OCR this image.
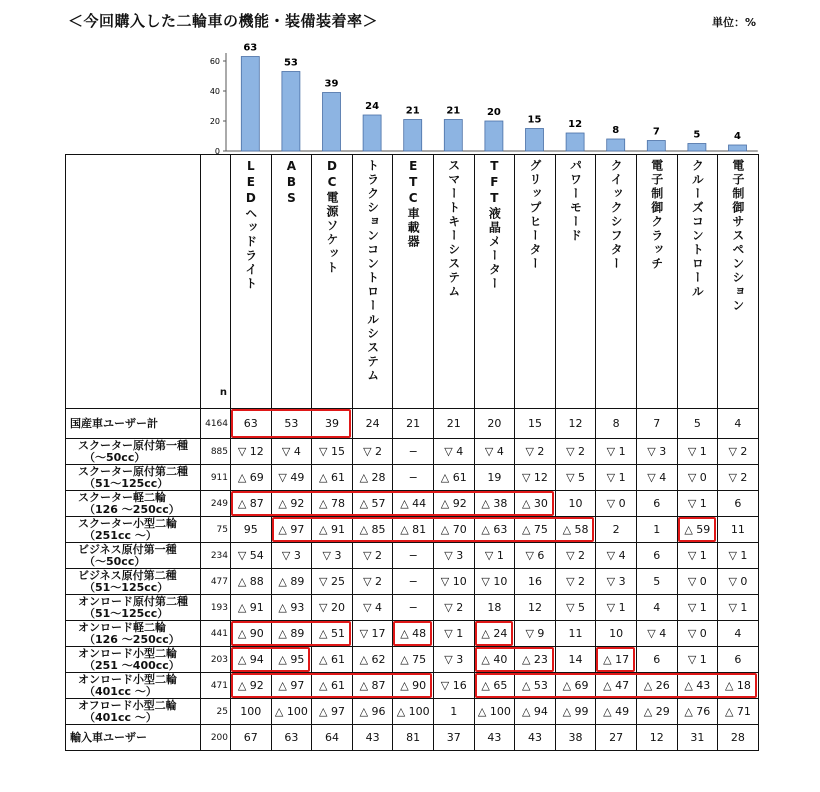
＜今回購入した二輪車の機能・装備装着率＞	単位：%
0
20
40
60
63
53
39
24	21	21	20
15	12
8	7	5	4

	n	LEDヘッドライト	ABS	DC電源ソケット	トラクションコントロールシステム	ETC車載器	スマートキーシステム	TFT液晶メーター	グリップヒーター	パワーモード	クイックシフター	電子制御クラッチ	クルーズコントロール	電子制御サスペンション

国産車ユーザー計	4164	63	53	39	24	21	21	20	15	12	8	7	5	4
スクーター原付第一種
（〜50cc）	885	▽ 12	▽ 4	▽ 15	▽ 2	−	▽ 4	▽ 4	▽ 2	▽ 2	▽ 1	▽ 3	▽ 1	▽ 2
スクーター原付第二種
（51〜125cc）	911	△ 69	▽ 49	△ 61	△ 28	−	△ 61	19	▽ 12	▽ 5	▽ 1	▽ 4	▽ 0	▽ 2
スクーター軽二輪
（126 〜250cc）	249	△ 87	△ 92	△ 78	△ 57	△ 44	△ 92	△ 38	△ 30	10	▽ 0	6	▽ 1	6
スクーター小型二輪
（251cc 〜）	75	95	△ 97	△ 91	△ 85	△ 81	△ 70	△ 63	△ 75	△ 58	2	1	△ 59	11
ビジネス原付第一種
（〜50cc）	234	▽ 54	▽ 3	▽ 3	▽ 2	−	▽ 3	▽ 1	▽ 6	▽ 2	▽ 4	6	▽ 1	▽ 1
ビジネス原付第二種
（51〜125cc）	477	△ 88	△ 89	▽ 25	▽ 2	−	▽ 10	▽ 10	16	▽ 2	▽ 3	5	▽ 0	▽ 0
オンロード原付第二種
（51〜125cc）	193	△ 91	△ 93	▽ 20	▽ 4	−	▽ 2	18	12	▽ 5	▽ 1	4	▽ 1	▽ 1
オンロード軽二輪
（126 〜250cc）	441	△ 90	△ 89	△ 51	▽ 17	△ 48	▽ 1	△ 24	▽ 9	11	10	▽ 4	▽ 0	4
オンロード小型二輪
（251 〜400cc）	203	△ 94	△ 95	△ 61	△ 62	△ 75	▽ 3	△ 40	△ 23	14	△ 17	6	▽ 1	6
オンロード小型二輪
（401cc 〜）	471	△ 92	△ 97	△ 61	△ 87	△ 90	▽ 16	△ 65	△ 53	△ 69	△ 47	△ 26	△ 43	△ 18
オフロード小型二輪
（401cc 〜）	25	100	△ 100	△ 97	△ 96	△ 100	1	△ 100	△ 94	△ 99	△ 49	△ 29	△ 76	△ 71
輸入車ユーザー	200	67	63	64	43	81	37	43	43	38	27	12	31	28
